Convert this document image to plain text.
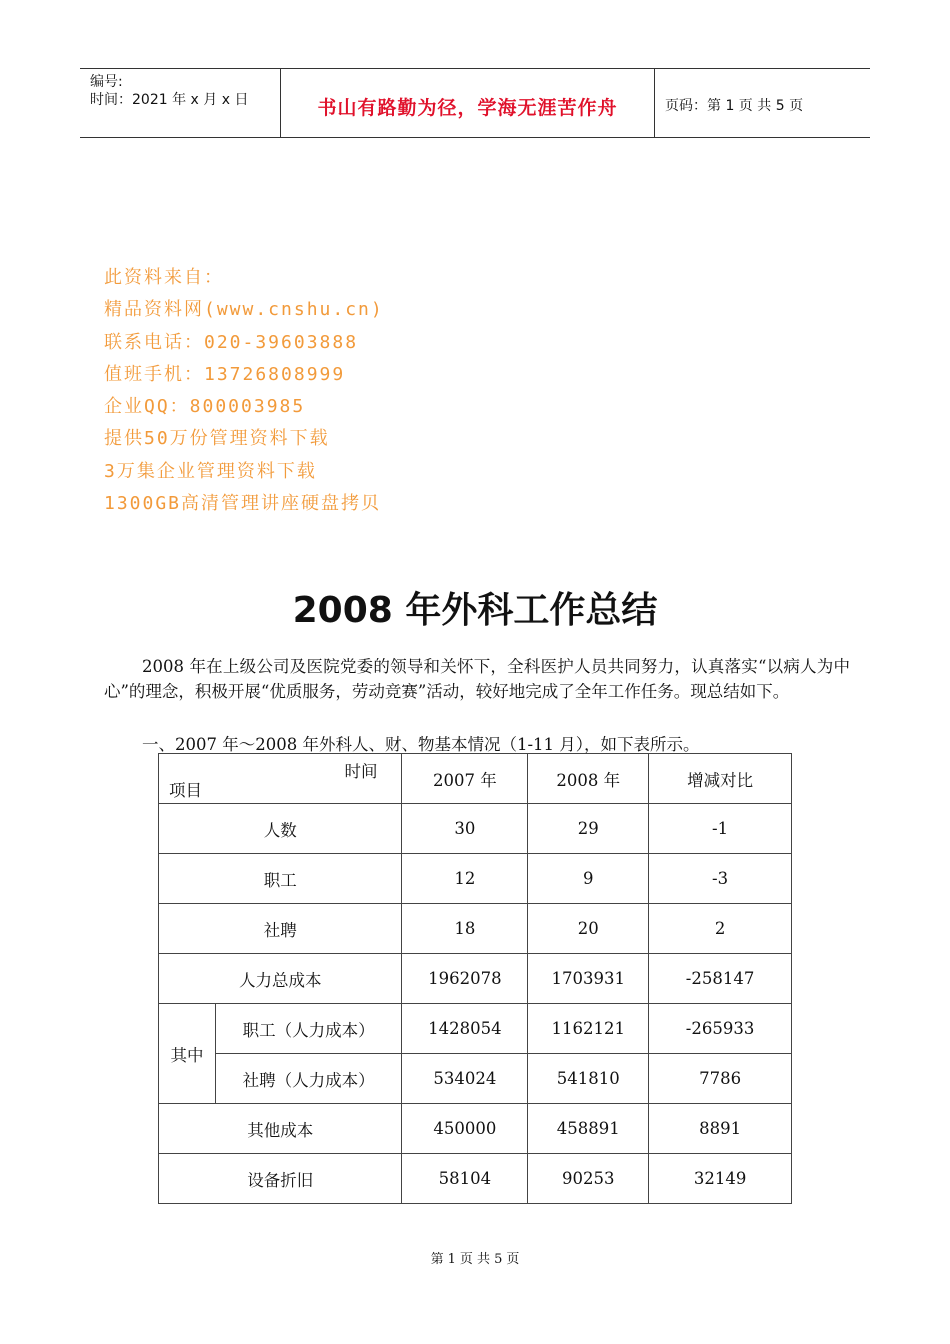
编号:
时间：2021 年 x 月 x 日	书山有路勤为径，学海无涯苦作舟	页码：第 1 页 共 5 页
此资料来自：
精品资料网(www.cnshu.cn)
联系电话：020-39603888
值班手机：13726808999
企业QQ：800003985
提供50万份管理资料下载
3万集企业管理资料下载
1300GB高清管理讲座硬盘拷贝
2008 年外科工作总结

2008 年在上级公司及医院党委的领导和关怀下，全科医护人员共同努力，认真落实“以病人为中心”的理念，积极开展“优质服务，劳动竞赛”活动，较好地完成了全年工作任务。现总结如下。

一、2007 年～2008 年外科人、财、物基本情况（1-11 月），如下表所示。
时间
项目		2007 年	2008 年	增减对比
人数		30	29	-1
职工		12	9	-3
社聘		18	20	2
人力总成本		1962078	1703931	-258147
其中	职工（人力成本）	1428054	1162121	-265933
	社聘（人力成本）	534024	541810	7786
其他成本		450000	458891	8891
设备折旧		58104	90253	32149
第 1 页 共 5 页
